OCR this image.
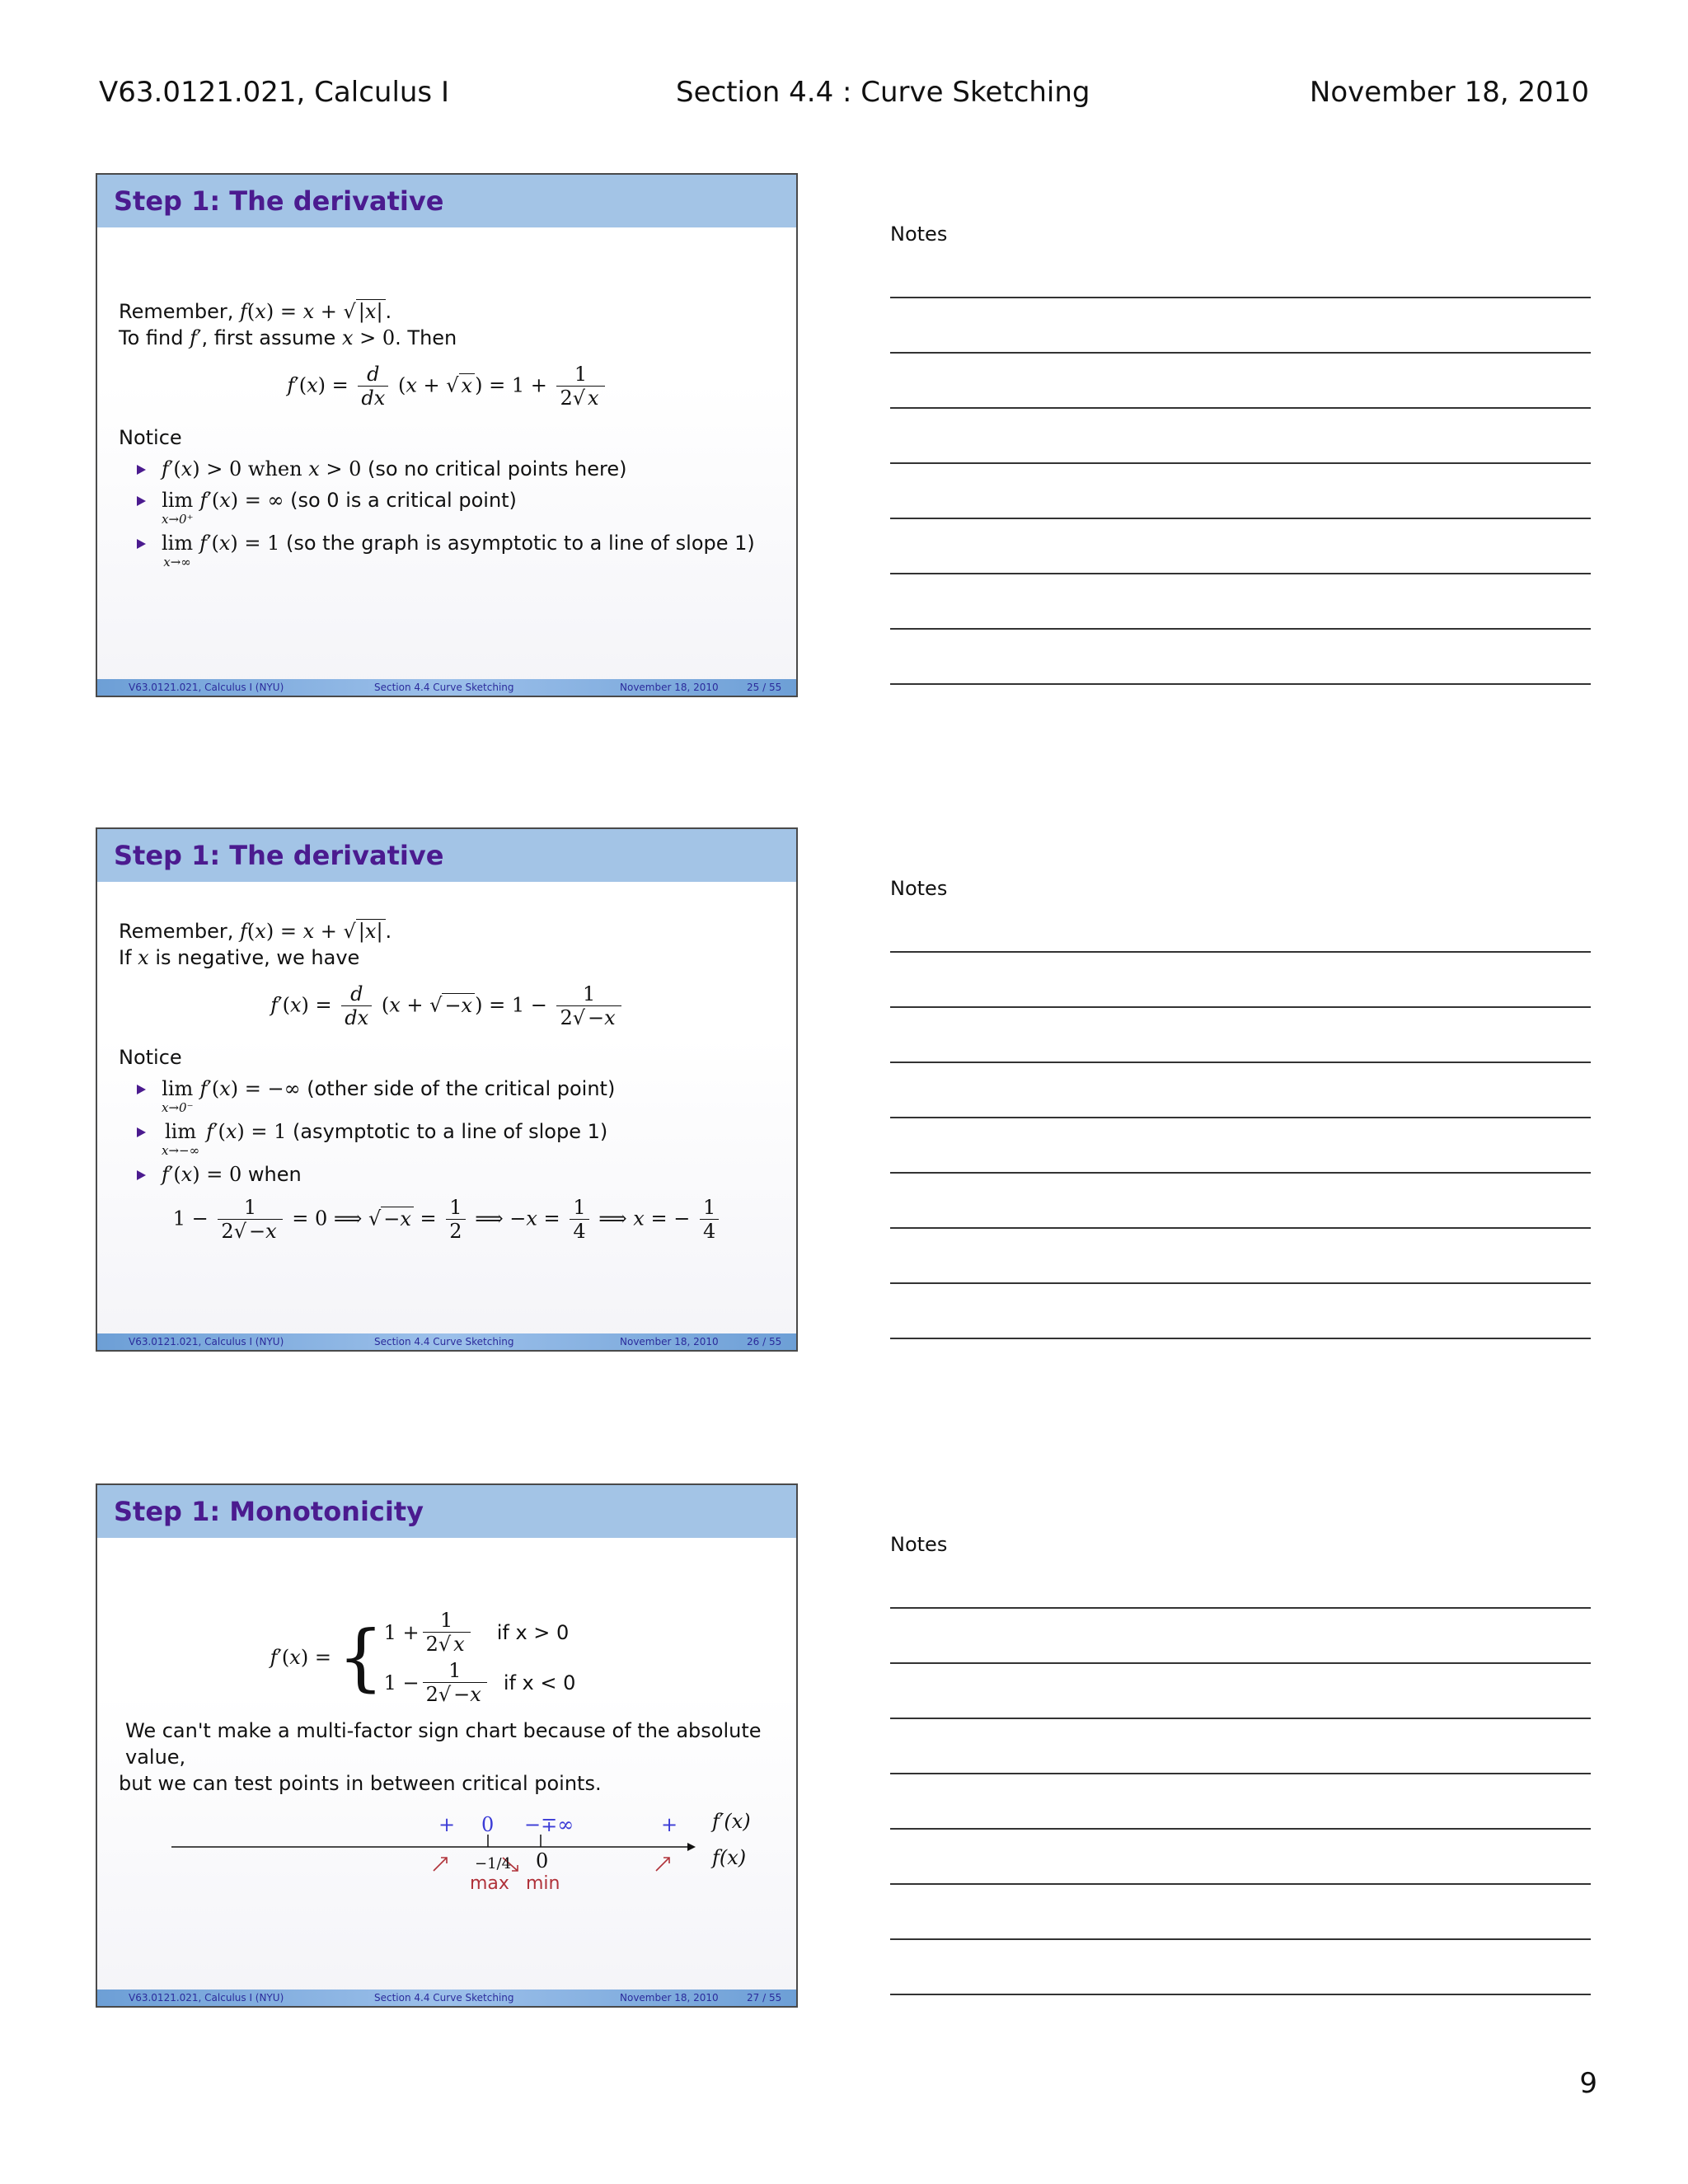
V63.0121.021, Calculus I	Section 4.4 : Curve Sketching	November 18, 2010
Step 1: The derivative
Remember, f(x) = x + √ |x| .
To find f′, first assume x > 0. Then
$f'(x) = \frac{d}{dx} (x$ + √ x ) = $1 + \frac{1}{2√ x}$
Notice
f′(x) > 0 when x > 0 (so no critical points here)
lim
x→0⁺
f′(x) = ∞ (so 0 is a critical point)
lim
x→∞
f′(x) = 1 (so the graph is asymptotic to a line of slope 1)
V63.0121.021, Calculus I (NYU)	Section 4.4 Curve Sketching	November 18, 2010	25 / 55
Step 1: The derivative
Remember, f(x) = x + √ |x| .
If x is negative, we have
$f'(x) = \frac{d}{dx} (x$ + √ −x ) = $1 - \frac{1}{2√ -x}$
Notice
lim
x→0⁻
f′(x) = −∞ (other side of the critical point)
lim
x→−∞
f′(x) = 1 (asymptotic to a line of slope 1)
f′(x) = 0 when
$1 - \frac{1}{2√ -x} = 0$ ⟹ √ $-x = \frac{1}{2}$ ⟹ $-x = \frac{1}{4}$ ⟹ x = − $\frac{1}{4}$
V63.0121.021, Calculus I (NYU)	Section 4.4 Curve Sketching	November 18, 2010	26 / 55
Step 1: Monotonicity
f ′ ( x ) = { $1 + \frac{1}{2√ x}$ if x > 0
$1 - \frac{1}{2√ -x}$ if x < 0
We can't make a multi-factor sign chart because of the absolute value,
but we can test points in between critical points.
+ 0 −∓∞	+
−1/4 0
max min
f′(x)
f(x)
V63.0121.021, Calculus I (NYU)	Section 4.4 Curve Sketching	November 18, 2010	27 / 55
Notes
Notes
Notes
9
